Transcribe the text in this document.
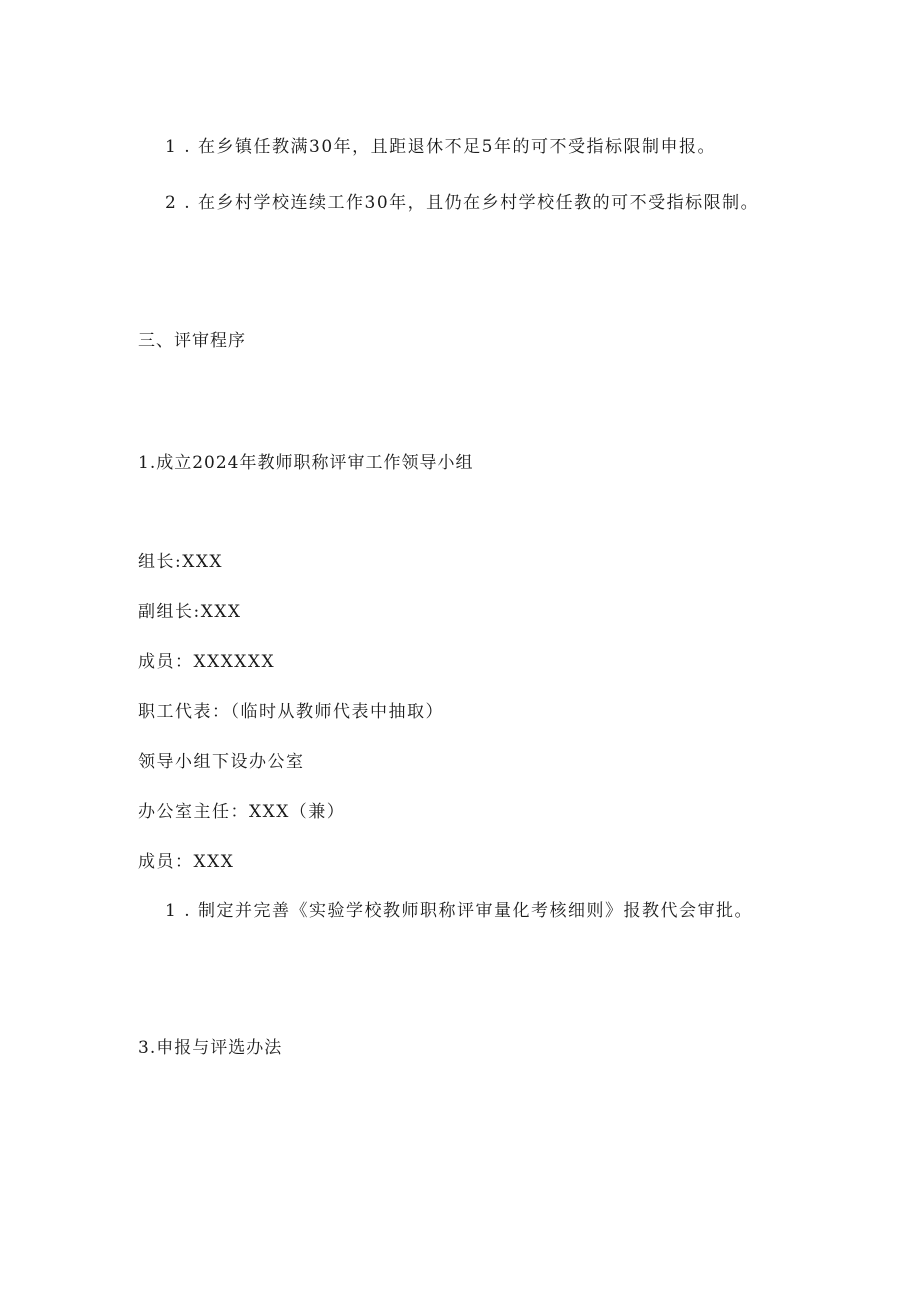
1 . 在乡镇任教满30年，且距退休不足5年的可不受指标限制申报。

2 . 在乡村学校连续工作30年，且仍在乡村学校任教的可不受指标限制。

三、评审程序

1.成立2024年教师职称评审工作领导小组

组长:XXX

副组长:XXX

成员：XXXXXX

职工代表：（临时从教师代表中抽取）

领导小组下设办公室

办公室主任：XXX（兼）

成员：XXX

1 . 制定并完善《实验学校教师职称评审量化考核细则》报教代会审批。

3.申报与评选办法
